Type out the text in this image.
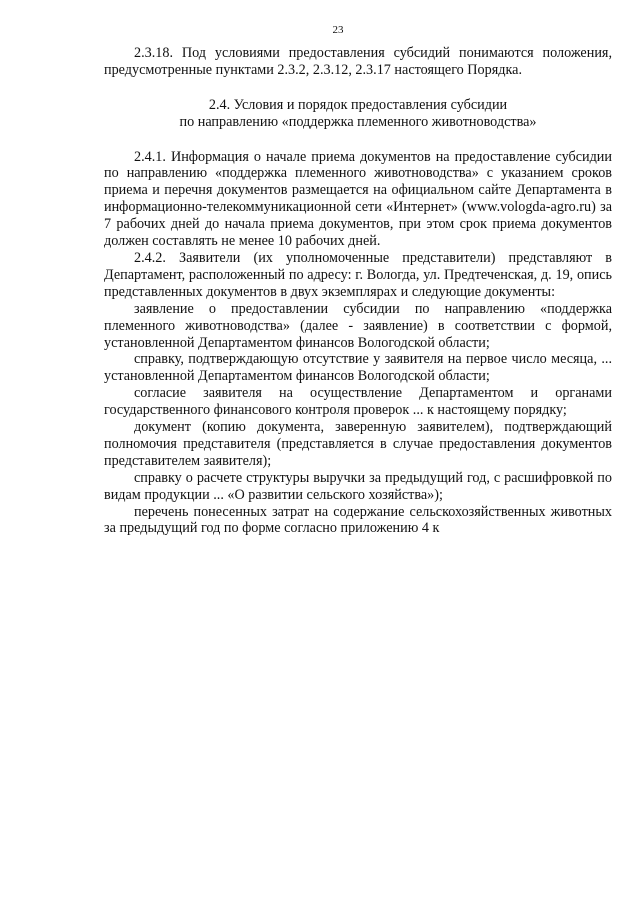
23

2.3.18. Под условиями предоставления субсидий понимаются положения, предусмотренные пунктами 2.3.2, 2.3.12, 2.3.17 настоящего Порядка.

2.4. Условия и порядок предоставления субсидии
по направлению «поддержка племенного животноводства»

2.4.1. Информация о начале приема документов на предоставление субсидии по направлению «поддержка племенного животноводства» с указанием сроков приема и перечня документов размещается на официальном сайте Департамента в информационно-телекоммуникационной сети «Интернет» (www.vologda-agro.ru) за 7 рабочих дней до начала приема документов, при этом срок приема документов должен составлять не менее 10 рабочих дней.

2.4.2. Заявители (их уполномоченные представители) представляют в Департамент, расположенный по адресу: г. Вологда, ул. Предтеченская, д. 19, опись представленных документов в двух экземплярах и следующие документы:

заявление о предоставлении субсидии по направлению «поддержка племенного животноводства» (далее - заявление) в соответствии с формой, установленной Департаментом финансов Вологодской области;

справку, подтверждающую отсутствие у заявителя на первое число месяца, ... установленной Департаментом финансов Вологодской области;

согласие заявителя на осуществление Департаментом и органами государственного финансового контроля проверок ... к настоящему порядку;

документ (копию документа, заверенную заявителем), подтверждающий полномочия представителя (представляется в случае предоставления документов представителем заявителя);

справку о расчете структуры выручки за предыдущий год, с расшифровкой по видам продукции ... «О развитии сельского хозяйства»);

перечень понесенных затрат на содержание сельскохозяйственных животных за предыдущий год по форме согласно приложению 4 к
